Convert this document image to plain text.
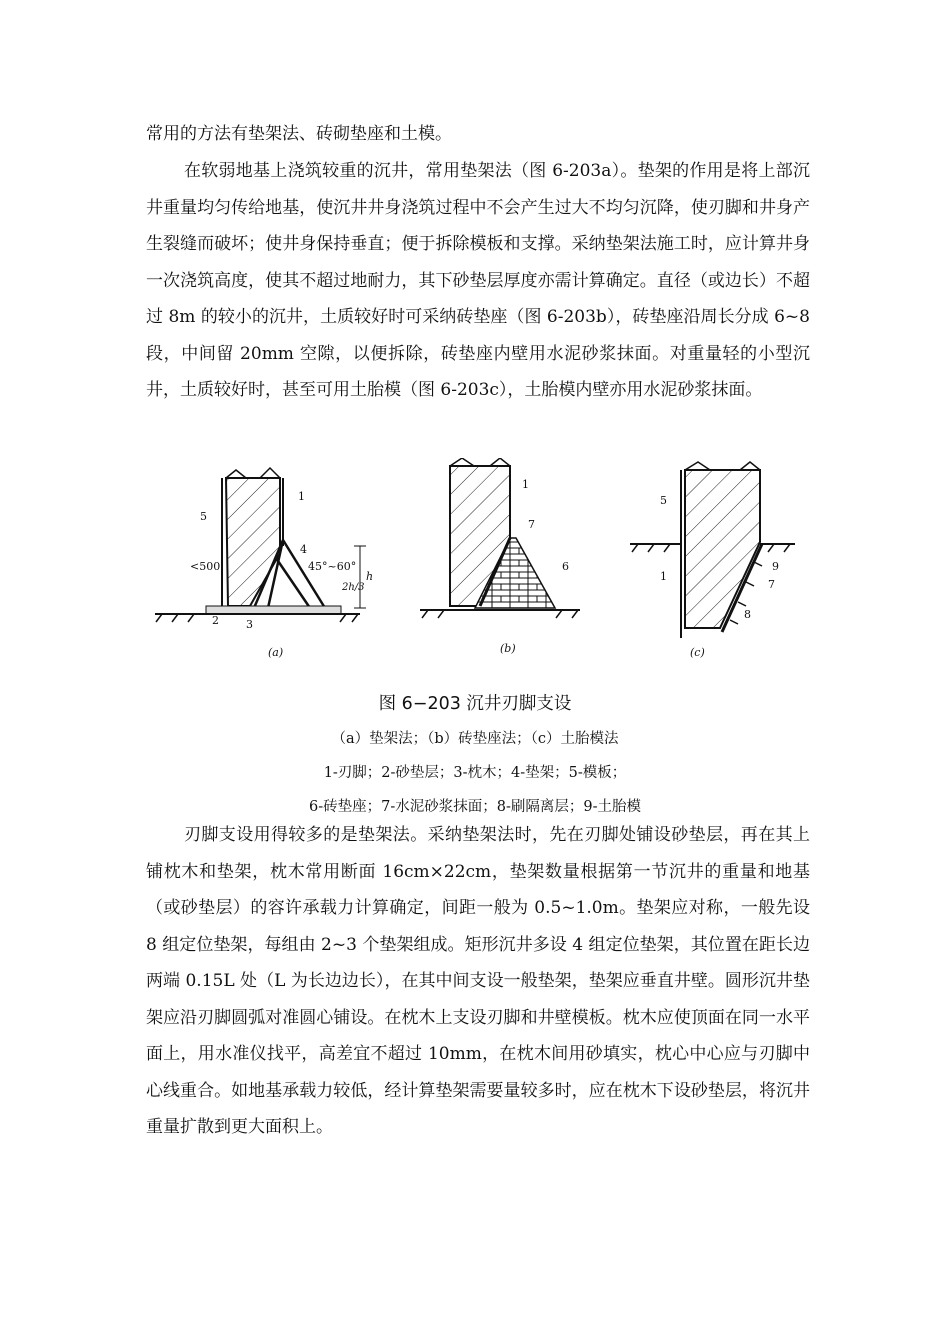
常用的方法有垫架法、砖砌垫座和土模。

在软弱地基上浇筑较重的沉井，常用垫架法（图 6-203a）。垫架的作用是将上部沉井重量均匀传给地基，使沉井井身浇筑过程中不会产生过大不均匀沉降，使刃脚和井身产生裂缝而破坏；使井身保持垂直；便于拆除模板和支撑。采纳垫架法施工时，应计算井身一次浇筑高度，使其不超过地耐力，其下砂垫层厚度亦需计算确定。直径（或边长）不超过 8m 的较小的沉井，土质较好时可采纳砖垫座（图 6-203b），砖垫座沿周长分成 6~8 段，中间留 20mm 空隙，以便拆除，砖垫座内壁用水泥砂浆抹面。对重量轻的小型沉井，土质较好时，甚至可用土胎模（图 6-203c），土胎模内壁亦用水泥砂浆抹面。

h
2h/3
45°~60°
<500
1
2 3
4
5
(a)
1
7
6
(b)
5
1
9
7
8
(c)

图 6−203 沉井刃脚支设

（a）垫架法；（b）砖垫座法；（c）土胎模法

1-刃脚；2-砂垫层；3-枕木；4-垫架；5-模板；

6-砖垫座；7-水泥砂浆抹面；8-刷隔离层；9-土胎模

刃脚支设用得较多的是垫架法。采纳垫架法时，先在刃脚处铺设砂垫层，再在其上铺枕木和垫架，枕木常用断面 16cm×22cm，垫架数量根据第一节沉井的重量和地基（或砂垫层）的容许承载力计算确定，间距一般为 0.5~1.0m。垫架应对称，一般先设 8 组定位垫架，每组由 2~3 个垫架组成。矩形沉井多设 4 组定位垫架，其位置在距长边两端 0.15L 处（L 为长边边长），在其中间支设一般垫架，垫架应垂直井壁。圆形沉井垫架应沿刃脚圆弧对准圆心铺设。在枕木上支设刃脚和井壁模板。枕木应使顶面在同一水平面上，用水准仪找平，高差宜不超过 10mm，在枕木间用砂填实，枕心中心应与刃脚中心线重合。如地基承载力较低，经计算垫架需要量较多时，应在枕木下设砂垫层，将沉井重量扩散到更大面积上。
